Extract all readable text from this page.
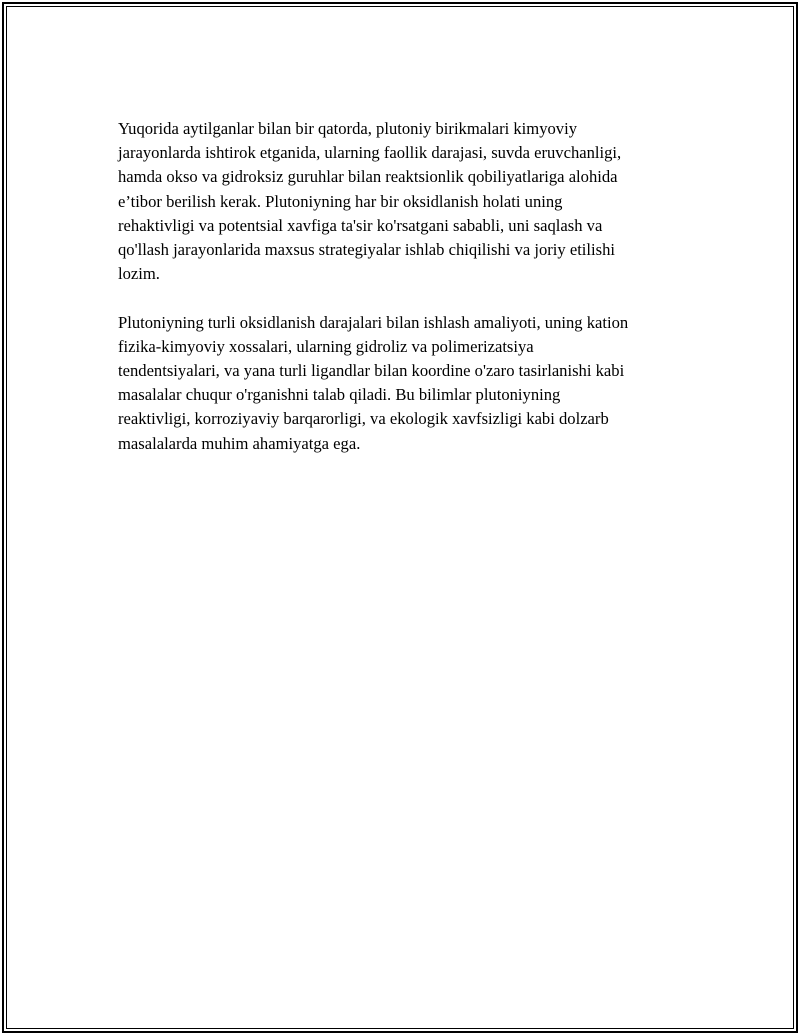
Yuqorida aytilganlar bilan bir qatorda, plutoniy birikmalari kimyoviy
jarayonlarda ishtirok etganida, ularning faollik darajasi, suvda eruvchanligi,
hamda okso va gidroksiz guruhlar bilan reaktsionlik qobiliyatlariga alohida
e’tibor berilish kerak. Plutoniyning har bir oksidlanish holati uning
rehaktivligi va potentsial xavfiga ta'sir ko'rsatgani sababli, uni saqlash va
qo'llash jarayonlarida maxsus strategiyalar ishlab chiqilishi va joriy etilishi
lozim.

Plutoniyning turli oksidlanish darajalari bilan ishlash amaliyoti, uning kation
fizika-kimyoviy xossalari, ularning gidroliz va polimerizatsiya
tendentsiyalari, va yana turli ligandlar bilan koordine o'zaro tasirlanishi kabi
masalalar chuqur o'rganishni talab qiladi. Bu bilimlar plutoniyning
reaktivligi, korroziyaviy barqarorligi, va ekologik xavfsizligi kabi dolzarb
masalalarda muhim ahamiyatga ega.
